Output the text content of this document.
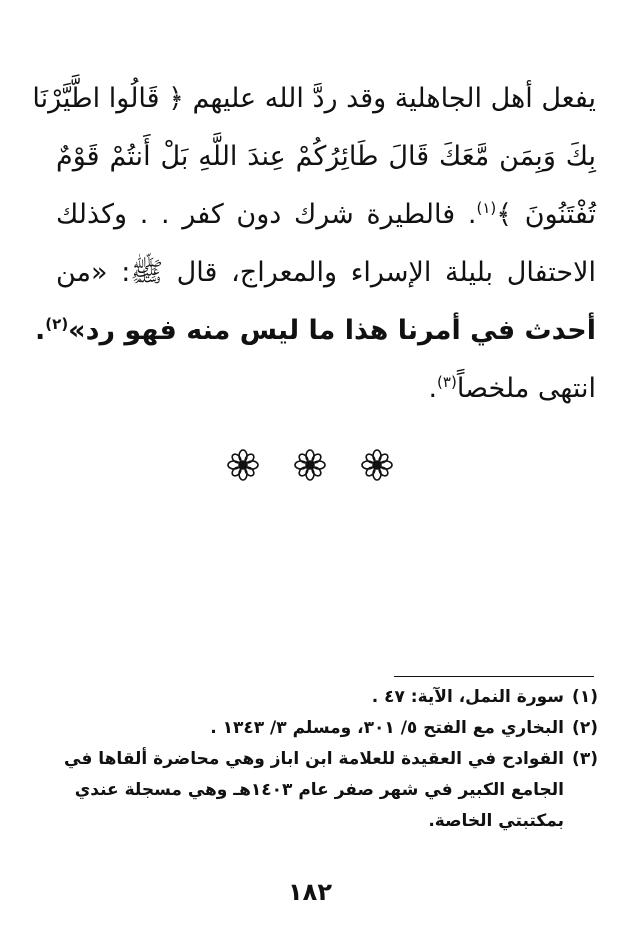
يفعل أهل الجاهلية وقد ردَّ الله عليهم ﴿ قَالُوا اطَّيَّرْنَا
بِكَ وَبِمَن مَّعَكَ قَالَ طَائِرُكُمْ عِندَ اللَّهِ بَلْ أَنتُمْ قَوْمٌ
تُفْتَنُونَ ﴾$^{(١)}$. فالطيرة شرك دون كفر . . وكذلك
الاحتفال بليلة الإسراء والمعراج، قال ﷺ: «من
أحدث في أمرنا هذا ما ليس منه فهو رد»$^{(٢)}$.
انتهى ملخصاً$^{(٣)}$.

(١)
سورة النمل، الآية: ٤٧ .
(٢)
البخاري مع الفتح ٥/ ٣٠١، ومسلم ٣/ ١٣٤٣ .
(٣)
القوادح في العقيدة للعلامة ابن اباز وهي محاضرة ألقاها في الجامع الكبير في شهر صفر عام ١٤٠٣هـ وهي مسجلة عندي بمكتبتي الخاصة.
١٨٢
